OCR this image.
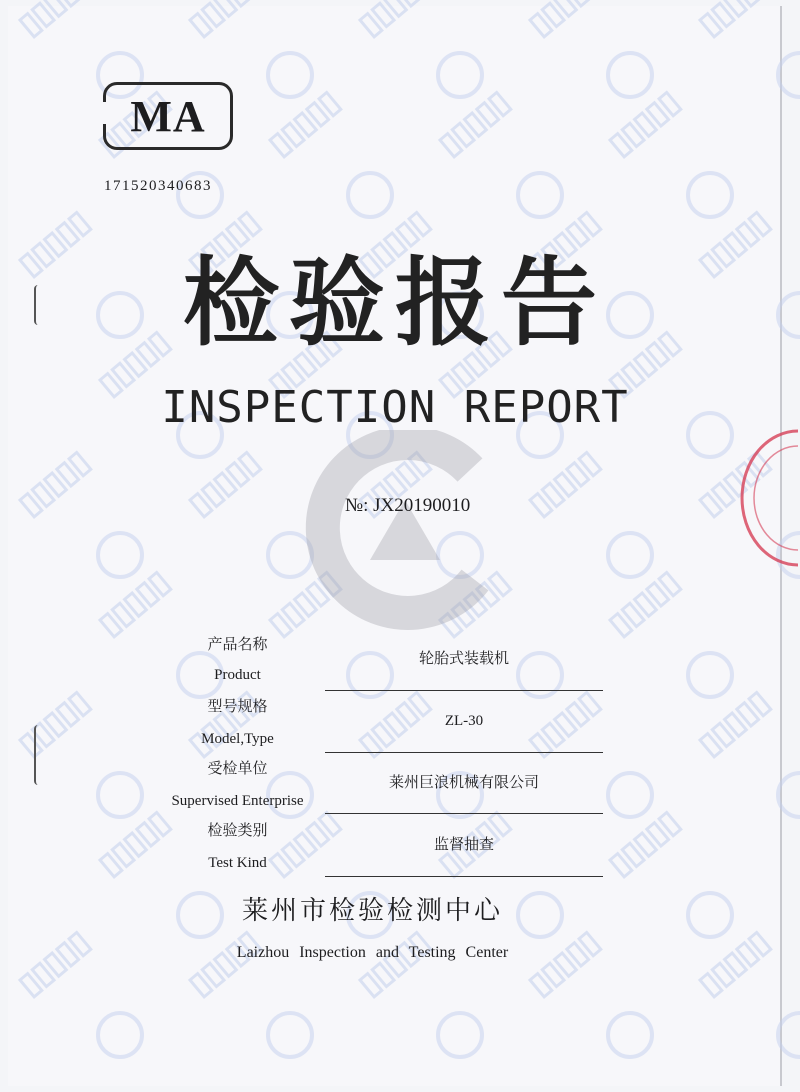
MA
171520340683
检验报告
INSPECTION REPORT
№: JX20190010
产品名称
Product
轮胎式装载机
型号规格
Model,Type
ZL-30
受检单位
Supervised Enterprise
莱州巨浪机械有限公司
检验类别
Test Kind
监督抽查
莱州市检验检测中心
Laizhou Inspection and Testing Center
